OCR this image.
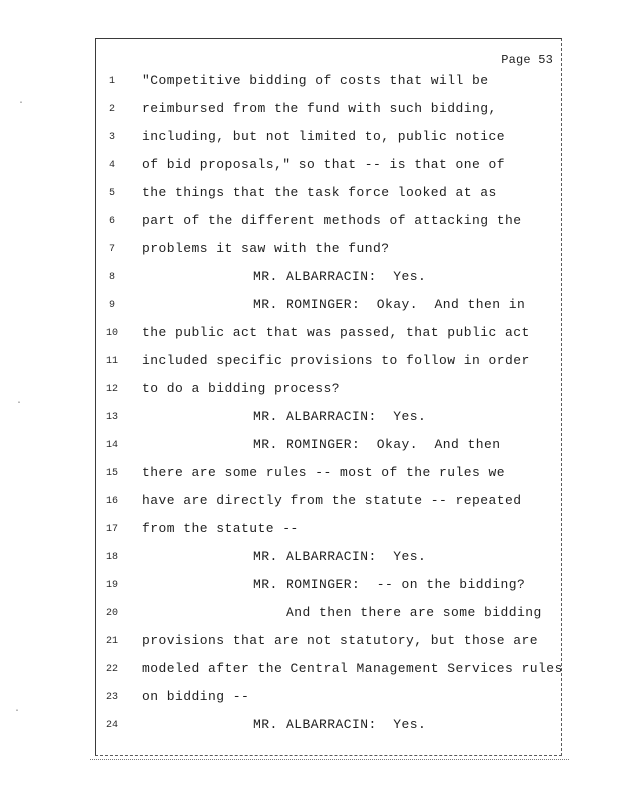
Page 53
1	"Competitive bidding of costs that will be
2	reimbursed from the fund with such bidding,
3	including, but not limited to, public notice
4	of bid proposals," so that -- is that one of
5	the things that the task force looked at as
6	part of the different methods of attacking the
7	problems it saw with the fund?
8	MR. ALBARRACIN:  Yes.
9	MR. ROMINGER:  Okay.  And then in
10	the public act that was passed, that public act
11	included specific provisions to follow in order
12	to do a bidding process?
13	MR. ALBARRACIN:  Yes.
14	MR. ROMINGER:  Okay.  And then
15	there are some rules -- most of the rules we
16	have are directly from the statute -- repeated
17	from the statute --
18	MR. ALBARRACIN:  Yes.
19	MR. ROMINGER:  -- on the bidding?
20	And then there are some bidding
21	provisions that are not statutory, but those are
22	modeled after the Central Management Services rules
23	on bidding --
24	MR. ALBARRACIN:  Yes.
·
·
·
